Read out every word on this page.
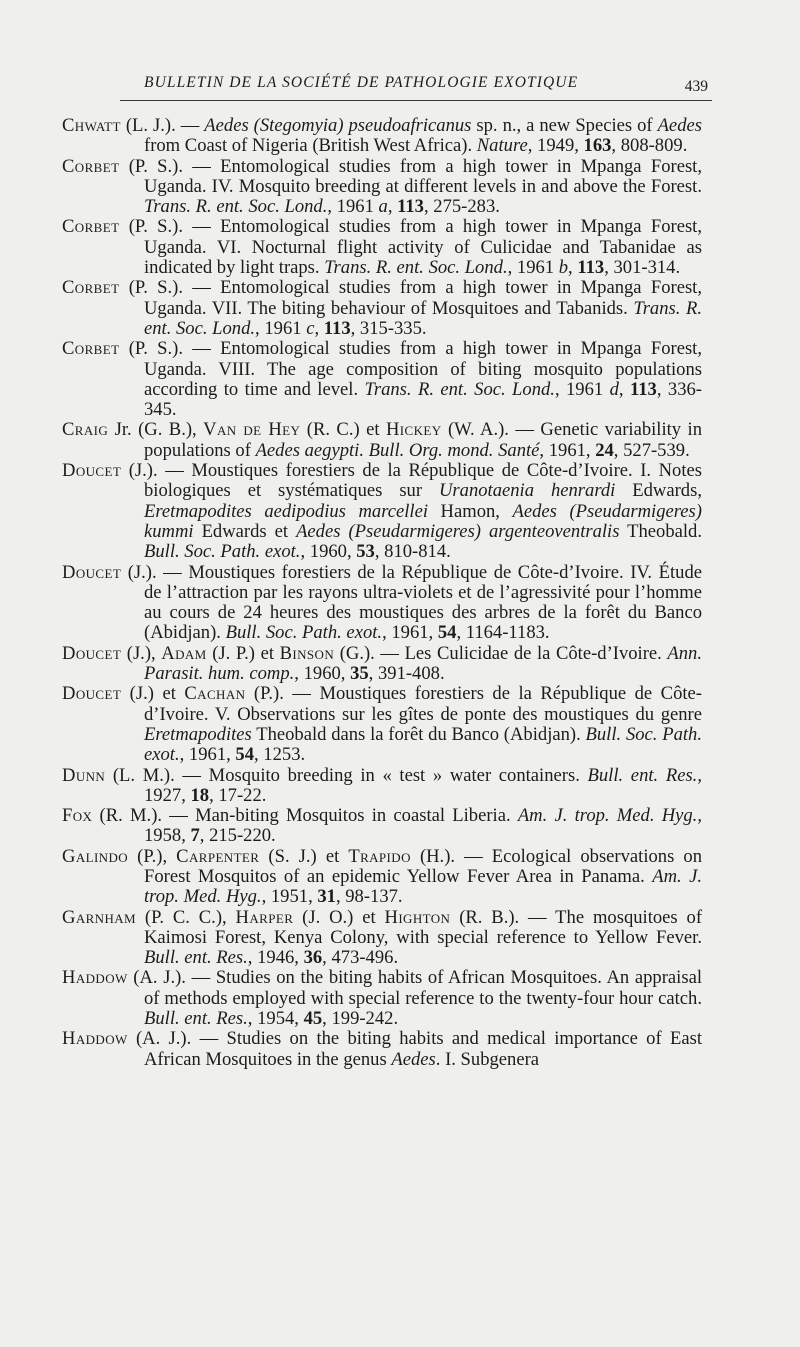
BULLETIN DE LA SOCIÉTÉ DE PATHOLOGIE EXOTIQUE	439

Chwatt (L. J.). — Aedes (Stegomyia) pseudoafricanus sp. n., a new Species of Aedes from Coast of Nigeria (British West Africa). Nature, 1949, 163, 808-809.

Corbet (P. S.). — Entomological studies from a high tower in Mpanga Forest, Uganda. IV. Mosquito breeding at different levels in and above the Forest. Trans. R. ent. Soc. Lond., 1961 a, 113, 275-283.

Corbet (P. S.). — Entomological studies from a high tower in Mpanga Forest, Uganda. VI. Nocturnal flight activity of Culicidae and Tabanidae as indicated by light traps. Trans. R. ent. Soc. Lond., 1961 b, 113, 301-314.

Corbet (P. S.). — Entomological studies from a high tower in Mpanga Forest, Uganda. VII. The biting behaviour of Mosquitoes and Tabanids. Trans. R. ent. Soc. Lond., 1961 c, 113, 315-335.

Corbet (P. S.). — Entomological studies from a high tower in Mpanga Forest, Uganda. VIII. The age composition of biting mosquito populations according to time and level. Trans. R. ent. Soc. Lond., 1961 d, 113, 336-345.

Craig Jr. (G. B.), Van de Hey (R. C.) et Hickey (W. A.). — Genetic variability in populations of Aedes aegypti. Bull. Org. mond. Santé, 1961, 24, 527-539.

Doucet (J.). — Moustiques forestiers de la République de Côte-d’Ivoire. I. Notes biologiques et systématiques sur Uranotaenia henrardi Edwards, Eretmapodites aedipodius marcellei Hamon, Aedes (Pseudarmigeres) kummi Edwards et Aedes (Pseudarmigeres) argenteoventralis Theobald. Bull. Soc. Path. exot., 1960, 53, 810-814.

Doucet (J.). — Moustiques forestiers de la République de Côte-d’Ivoire. IV. Étude de l’attraction par les rayons ultra-violets et de l’agressivité pour l’homme au cours de 24 heures des moustiques des arbres de la forêt du Banco (Abidjan). Bull. Soc. Path. exot., 1961, 54, 1164-1183.

Doucet (J.), Adam (J. P.) et Binson (G.). — Les Culicidae de la Côte-d’Ivoire. Ann. Parasit. hum. comp., 1960, 35, 391-408.

Doucet (J.) et Cachan (P.). — Moustiques forestiers de la République de Côte-d’Ivoire. V. Observations sur les gîtes de ponte des moustiques du genre Eretmapodites Theobald dans la forêt du Banco (Abidjan). Bull. Soc. Path. exot., 1961, 54, 1253.

Dunn (L. M.). — Mosquito breeding in « test » water containers. Bull. ent. Res., 1927, 18, 17-22.

Fox (R. M.). — Man-biting Mosquitos in coastal Liberia. Am. J. trop. Med. Hyg., 1958, 7, 215-220.

Galindo (P.), Carpenter (S. J.) et Trapido (H.). — Ecological observations on Forest Mosquitos of an epidemic Yellow Fever Area in Panama. Am. J. trop. Med. Hyg., 1951, 31, 98-137.

Garnham (P. C. C.), Harper (J. O.) et Highton (R. B.). — The mosquitoes of Kaimosi Forest, Kenya Colony, with special reference to Yellow Fever. Bull. ent. Res., 1946, 36, 473-496.

Haddow (A. J.). — Studies on the biting habits of African Mosquitoes. An appraisal of methods employed with special reference to the twenty-four hour catch. Bull. ent. Res., 1954, 45, 199-242.

Haddow (A. J.). — Studies on the biting habits and medical importance of East African Mosquitoes in the genus Aedes. I. Subgenera
